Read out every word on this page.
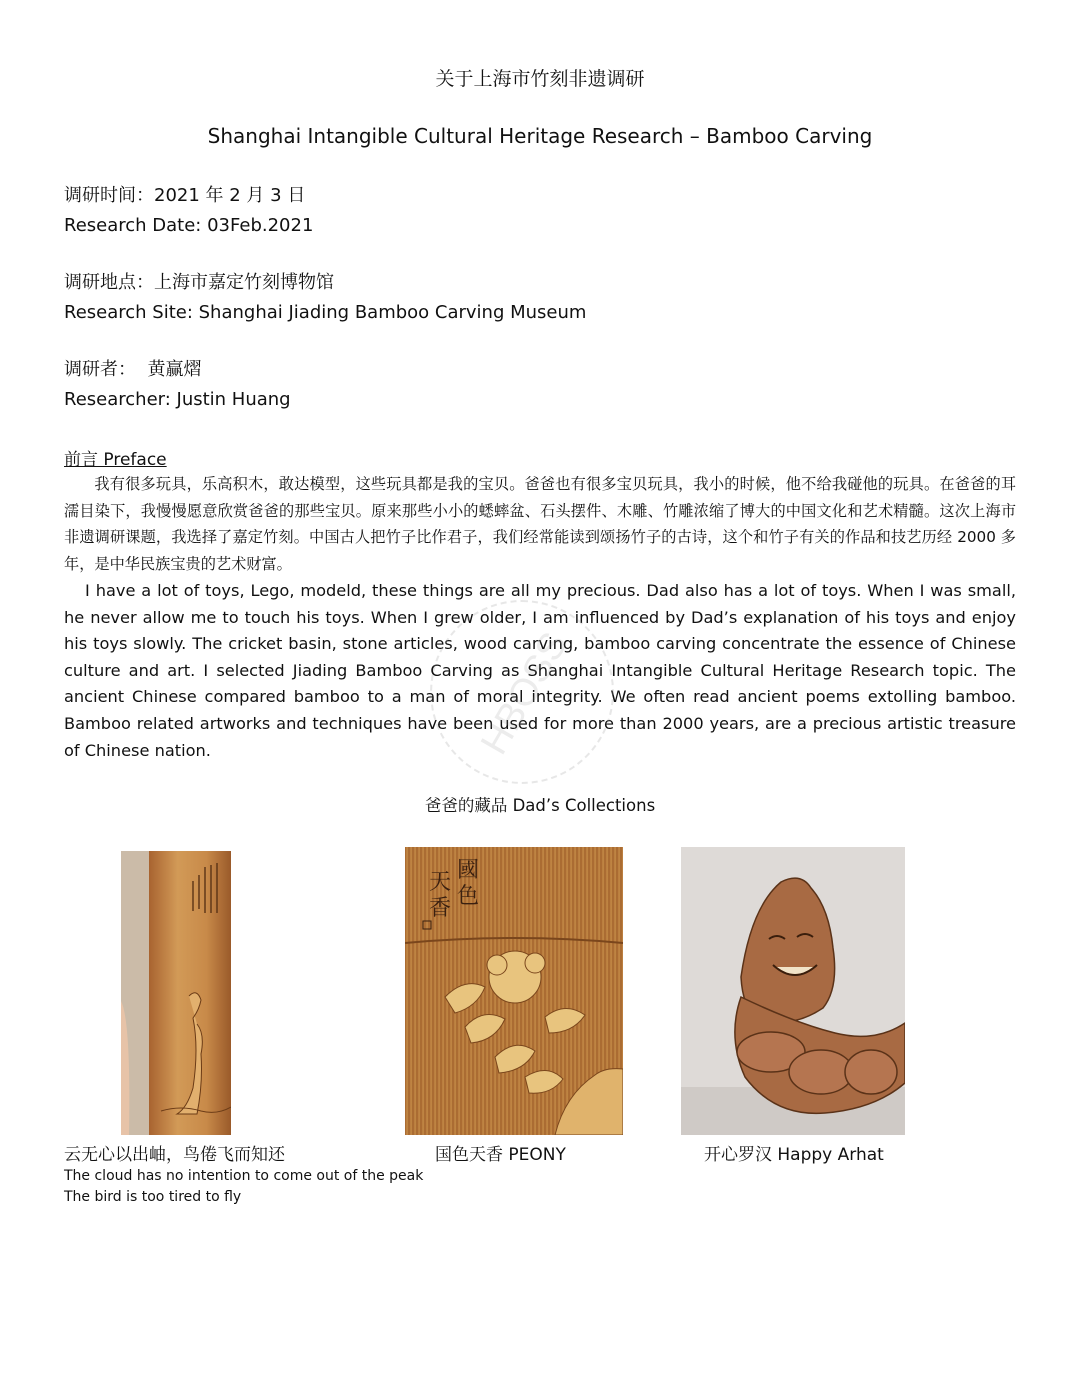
关于上海市竹刻非遗调研
Shanghai Intangible Cultural Heritage Research – Bamboo Carving
调研时间：2021 年 2 月 3 日
Research Date: 03Feb.2021
调研地点：上海市嘉定竹刻博物馆
Research Site: Shanghai Jiading Bamboo Carving Museum
调研者：  黄赢熠
Researcher: Justin Huang
前言 Preface
我有很多玩具，乐高积木，敢达模型，这些玩具都是我的宝贝。爸爸也有很多宝贝玩具，我小的时候，他不给我碰他的玩具。在爸爸的耳濡目染下，我慢慢愿意欣赏爸爸的那些宝贝。原来那些小小的蟋蟀盆、石头摆件、木雕、竹雕浓缩了博大的中国文化和艺术精髓。这次上海市非遗调研课题，我选择了嘉定竹刻。中国古人把竹子比作君子，我们经常能读到颂扬竹子的古诗，这个和竹子有关的作品和技艺历经 2000 多年，是中华民族宝贵的艺术财富。
I have a lot of toys, Lego, modeld, these things are all my precious. Dad also has a lot of toys. When I was small, he never allow me to touch his toys. When I grew older, I am influenced by Dad’s explanation of his toys and enjoy his toys slowly. The cricket basin, stone articles, wood carving, bamboo carving concentrate the essence of Chinese culture and art. I selected Jiading Bamboo Carving as Shanghai Intangible Cultural Heritage Research topic. The ancient Chinese compared bamboo to a man of moral integrity. We often read ancient poems extolling bamboo. Bamboo related artworks and techniques have been used for more than 2000 years, are a precious artistic treasure of Chinese nation.	HBOSS
爸爸的藏品 Dad’s Collections
云无心以出岫，鸟倦飞而知还
The cloud has no intention to come out of the peak
The bird is too tired to fly
國
色
天
香
国色天香 PEONY	开心罗汉 Happy Arhat
